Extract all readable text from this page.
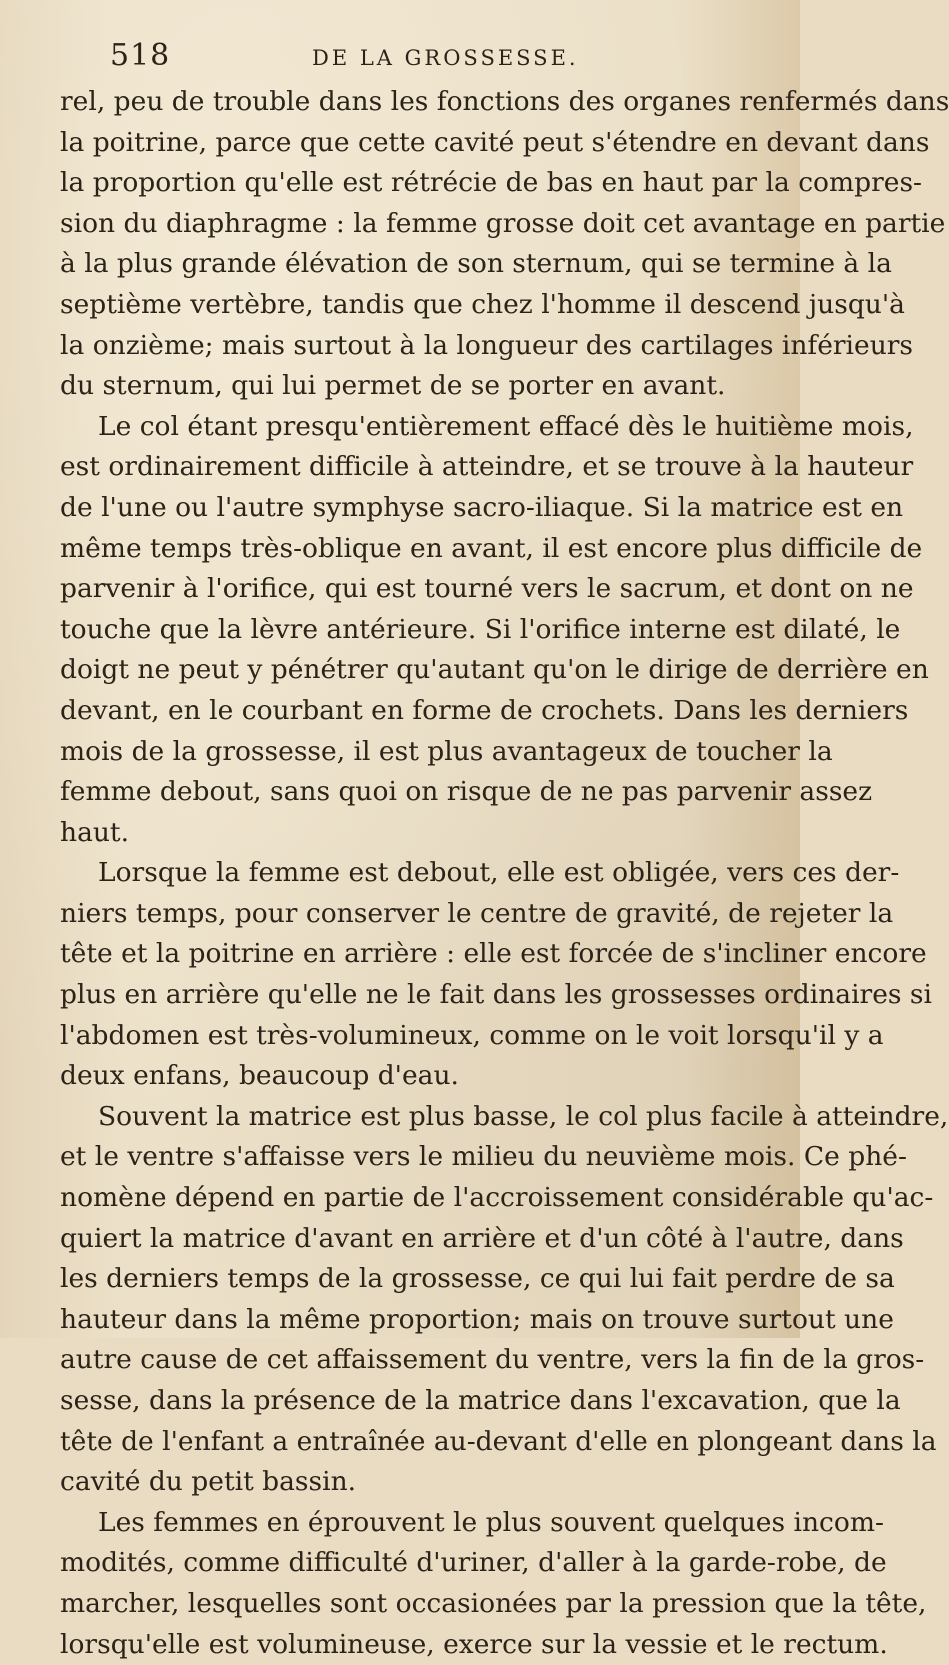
518	DE LA GROSSESSE.
rel, peu de trouble dans les fonctions des organes renfermés dans
la poitrine, parce que cette cavité peut s'étendre en devant dans
la proportion qu'elle est rétrécie de bas en haut par la compres-
sion du diaphragme : la femme grosse doit cet avantage en partie
à la plus grande élévation de son sternum, qui se termine à la
septième vertèbre, tandis que chez l'homme il descend jusqu'à
la onzième; mais surtout à la longueur des cartilages inférieurs
du sternum, qui lui permet de se porter en avant.
Le col étant presqu'entièrement effacé dès le huitième mois,
est ordinairement difficile à atteindre, et se trouve à la hauteur
de l'une ou l'autre symphyse sacro-iliaque. Si la matrice est en
même temps très-oblique en avant, il est encore plus difficile de
parvenir à l'orifice, qui est tourné vers le sacrum, et dont on ne
touche que la lèvre antérieure. Si l'orifice interne est dilaté, le
doigt ne peut y pénétrer qu'autant qu'on le dirige de derrière en
devant, en le courbant en forme de crochets. Dans les derniers
mois de la grossesse, il est plus avantageux de toucher la
femme debout, sans quoi on risque de ne pas parvenir assez
haut.
Lorsque la femme est debout, elle est obligée, vers ces der-
niers temps, pour conserver le centre de gravité, de rejeter la
tête et la poitrine en arrière : elle est forcée de s'incliner encore
plus en arrière qu'elle ne le fait dans les grossesses ordinaires si
l'abdomen est très-volumineux, comme on le voit lorsqu'il y a
deux enfans, beaucoup d'eau.
Souvent la matrice est plus basse, le col plus facile à atteindre,
et le ventre s'affaisse vers le milieu du neuvième mois. Ce phé-
nomène dépend en partie de l'accroissement considérable qu'ac-
quiert la matrice d'avant en arrière et d'un côté à l'autre, dans
les derniers temps de la grossesse, ce qui lui fait perdre de sa
hauteur dans la même proportion; mais on trouve surtout une
autre cause de cet affaissement du ventre, vers la fin de la gros-
sesse, dans la présence de la matrice dans l'excavation, que la
tête de l'enfant a entraînée au-devant d'elle en plongeant dans la
cavité du petit bassin.
Les femmes en éprouvent le plus souvent quelques incom-
modités, comme difficulté d'uriner, d'aller à la garde-robe, de
marcher, lesquelles sont occasionées par la pression que la tête,
lorsqu'elle est volumineuse, exerce sur la vessie et le rectum.
